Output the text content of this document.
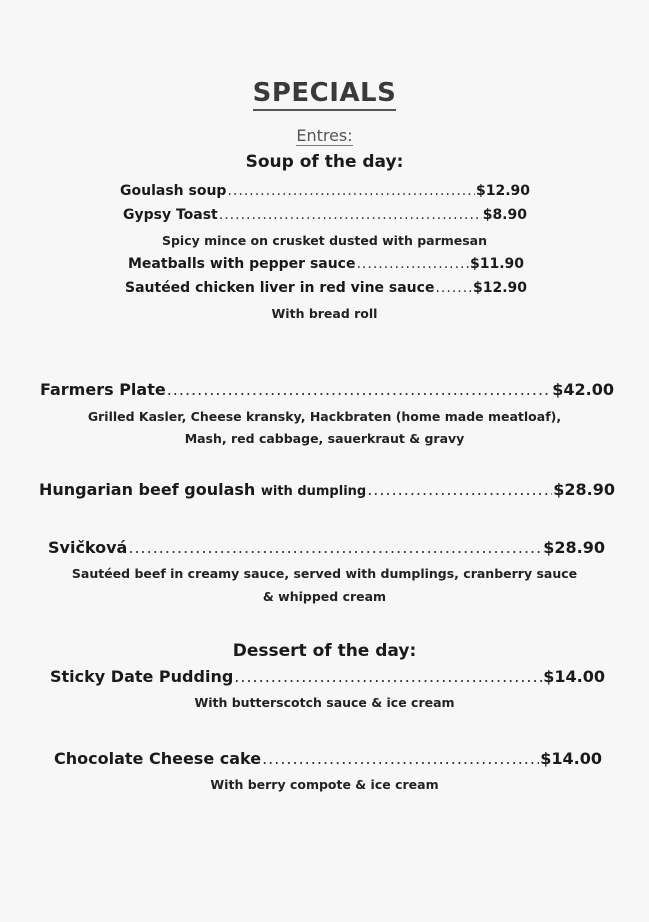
SPECIALS
Entres:
Soup of the day:
Goulash soup .....	$12.90
Gypsy Toast .....	$8.90
Spicy mince on crusket dusted with parmesan
Meatballs with pepper sauce .....	$11.90
Sautéed chicken liver in red vine sauce .....	$12.90
With bread roll
Farmers Plate .....	$42.00
Grilled Kasler, Cheese kransky, Hackbraten (home made meatloaf),
Mash, red cabbage, sauerkraut & gravy
Hungarian beef goulash with dumpling .....	$28.90
Svičková .....	$28.90
Sautéed beef in creamy sauce, served with dumplings, cranberry sauce
& whipped cream
Dessert of the day:
Sticky Date Pudding .....	$14.00
With butterscotch sauce & ice cream
Chocolate Cheese cake .....	$14.00
With berry compote & ice cream
